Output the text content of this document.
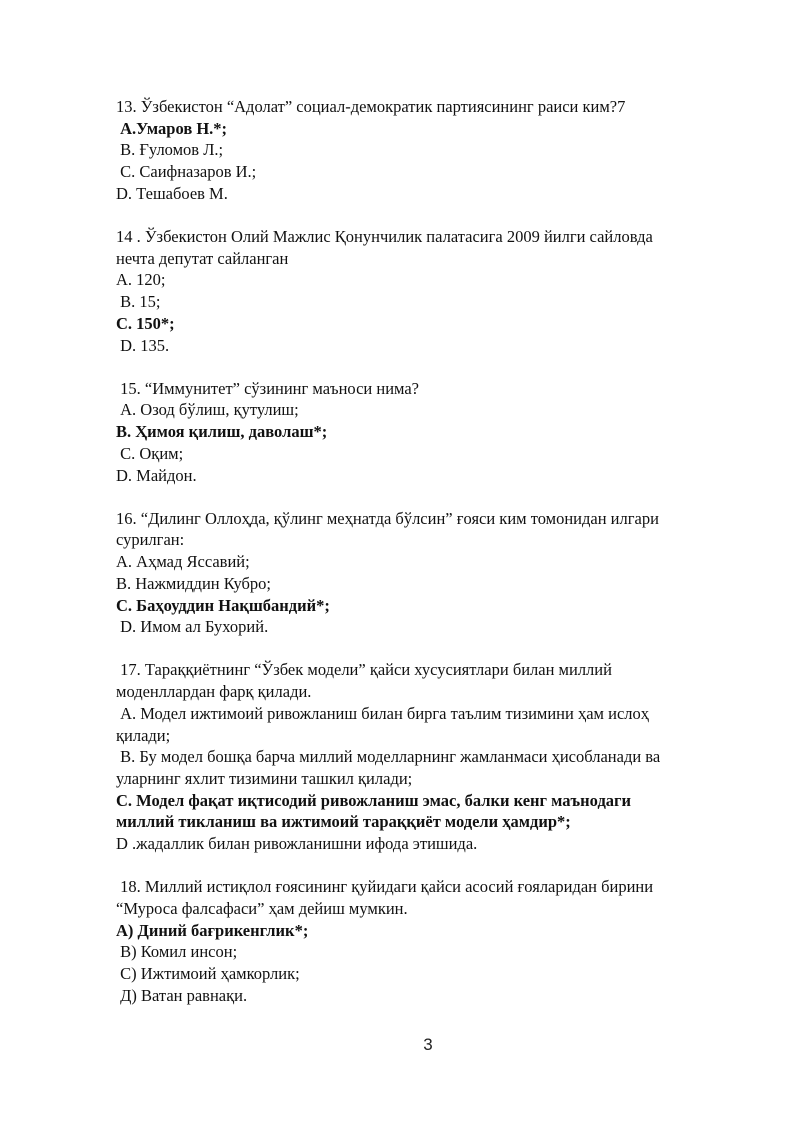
13. Ўзбекистон “Адолат” социал-демократик партиясининг раиси ким?7
A.Умаров Н.*;
B. Ғуломов Л.;
C. Саифназаров И.;
D. Тешабоев М.
14 . Ўзбекистон Олий Мажлис Қонунчилик палатасига 2009 йилги сайловда
нечта депутат сайланган
A. 120;
B. 15;
C. 150*;
D. 135.
15. “Иммунитет” сўзининг маъноси нима?
A. Озод бўлиш, қутулиш;
B. Ҳимоя қилиш, даволаш*;
C. Оқим;
D. Майдон.
16. “Дилинг Оллоҳда, қўлинг меҳнатда бўлсин” ғояси ким томонидан илгари
сурилган:
A. Аҳмад Яссавий;
B. Нажмиддин Кубро;
C. Баҳоуддин Нақшбандий*;
D. Имом ал Бухорий.
17. Тараққиётнинг “Ўзбек модели” қайси хусусиятлари билан миллий
моденллардан фарқ қилади.
A. Модел ижтимоий ривожланиш билан бирга таълим тизимини ҳам ислоҳ
қилади;
B. Бу модел бошқа барча миллий моделларнинг жамланмаси ҳисобланади ва
уларнинг яхлит тизимини ташкил қилади;
C. Модел фақат иқтисодий ривожланиш эмас, балки кенг маънодаги
миллий тикланиш ва ижтимоий тараққиёт модели ҳамдир*;
D .жадаллик билан ривожланишни ифода этишида.
18. Миллий истиқлол ғоясининг қуйидаги қайси асосий ғояларидан бирини
“Муроса фалсафаси” ҳам дейиш мумкин.
A) Диний бағрикенглик*;
B) Комил инсон;
C) Ижтимоий ҳамкорлик;
Д) Ватан равнақи.
3
